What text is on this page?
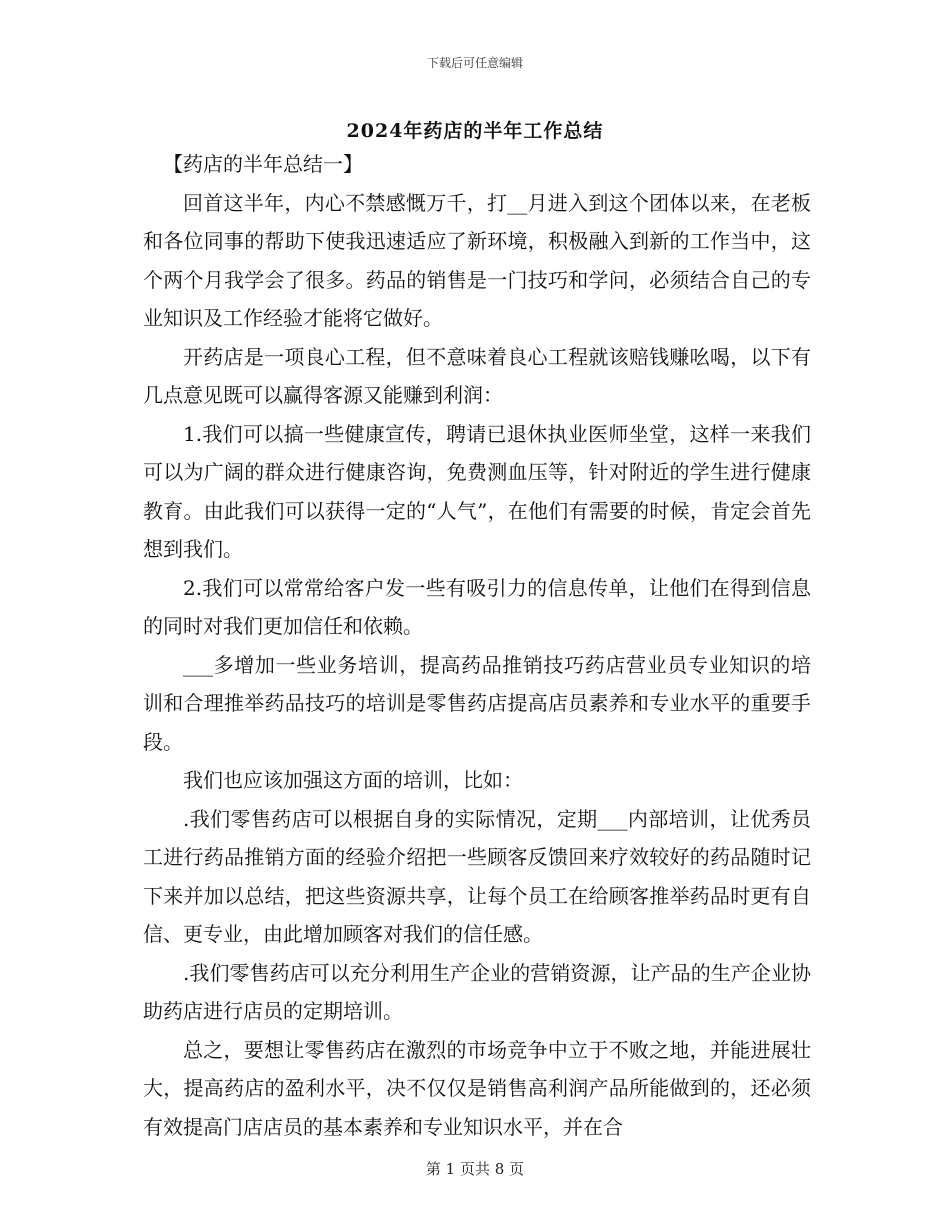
下载后可任意编辑
2024年药店的半年工作总结

【药店的半年总结一】

回首这半年，内心不禁感慨万千，打__月进入到这个团体以来，在老板和各位同事的帮助下使我迅速适应了新环境，积极融入到新的工作当中，这个两个月我学会了很多。药品的销售是一门技巧和学问，必须结合自己的专业知识及工作经验才能将它做好。

开药店是一项良心工程，但不意味着良心工程就该赔钱赚吆喝，以下有几点意见既可以赢得客源又能赚到利润：

1.我们可以搞一些健康宣传，聘请已退休执业医师坐堂，这样一来我们可以为广阔的群众进行健康咨询，免费测血压等，针对附近的学生进行健康教育。由此我们可以获得一定的“人气”，在他们有需要的时候，肯定会首先想到我们。

2.我们可以常常给客户发一些有吸引力的信息传单，让他们在得到信息的同时对我们更加信任和依赖。

___多增加一些业务培训，提高药品推销技巧药店营业员专业知识的培训和合理推举药品技巧的培训是零售药店提高店员素养和专业水平的重要手段。

我们也应该加强这方面的培训，比如：

.我们零售药店可以根据自身的实际情况，定期___内部培训，让优秀员工进行药品推销方面的经验介绍把一些顾客反馈回来疗效较好的药品随时记下来并加以总结，把这些资源共享，让每个员工在给顾客推举药品时更有自信、更专业，由此增加顾客对我们的信任感。

.我们零售药店可以充分利用生产企业的营销资源，让产品的生产企业协助药店进行店员的定期培训。

总之，要想让零售药店在激烈的市场竞争中立于不败之地，并能进展壮大，提高药店的盈利水平，决不仅仅是销售高利润产品所能做到的，还必须有效提高门店店员的基本素养和专业知识水平，并在合

第 1 页共 8 页
